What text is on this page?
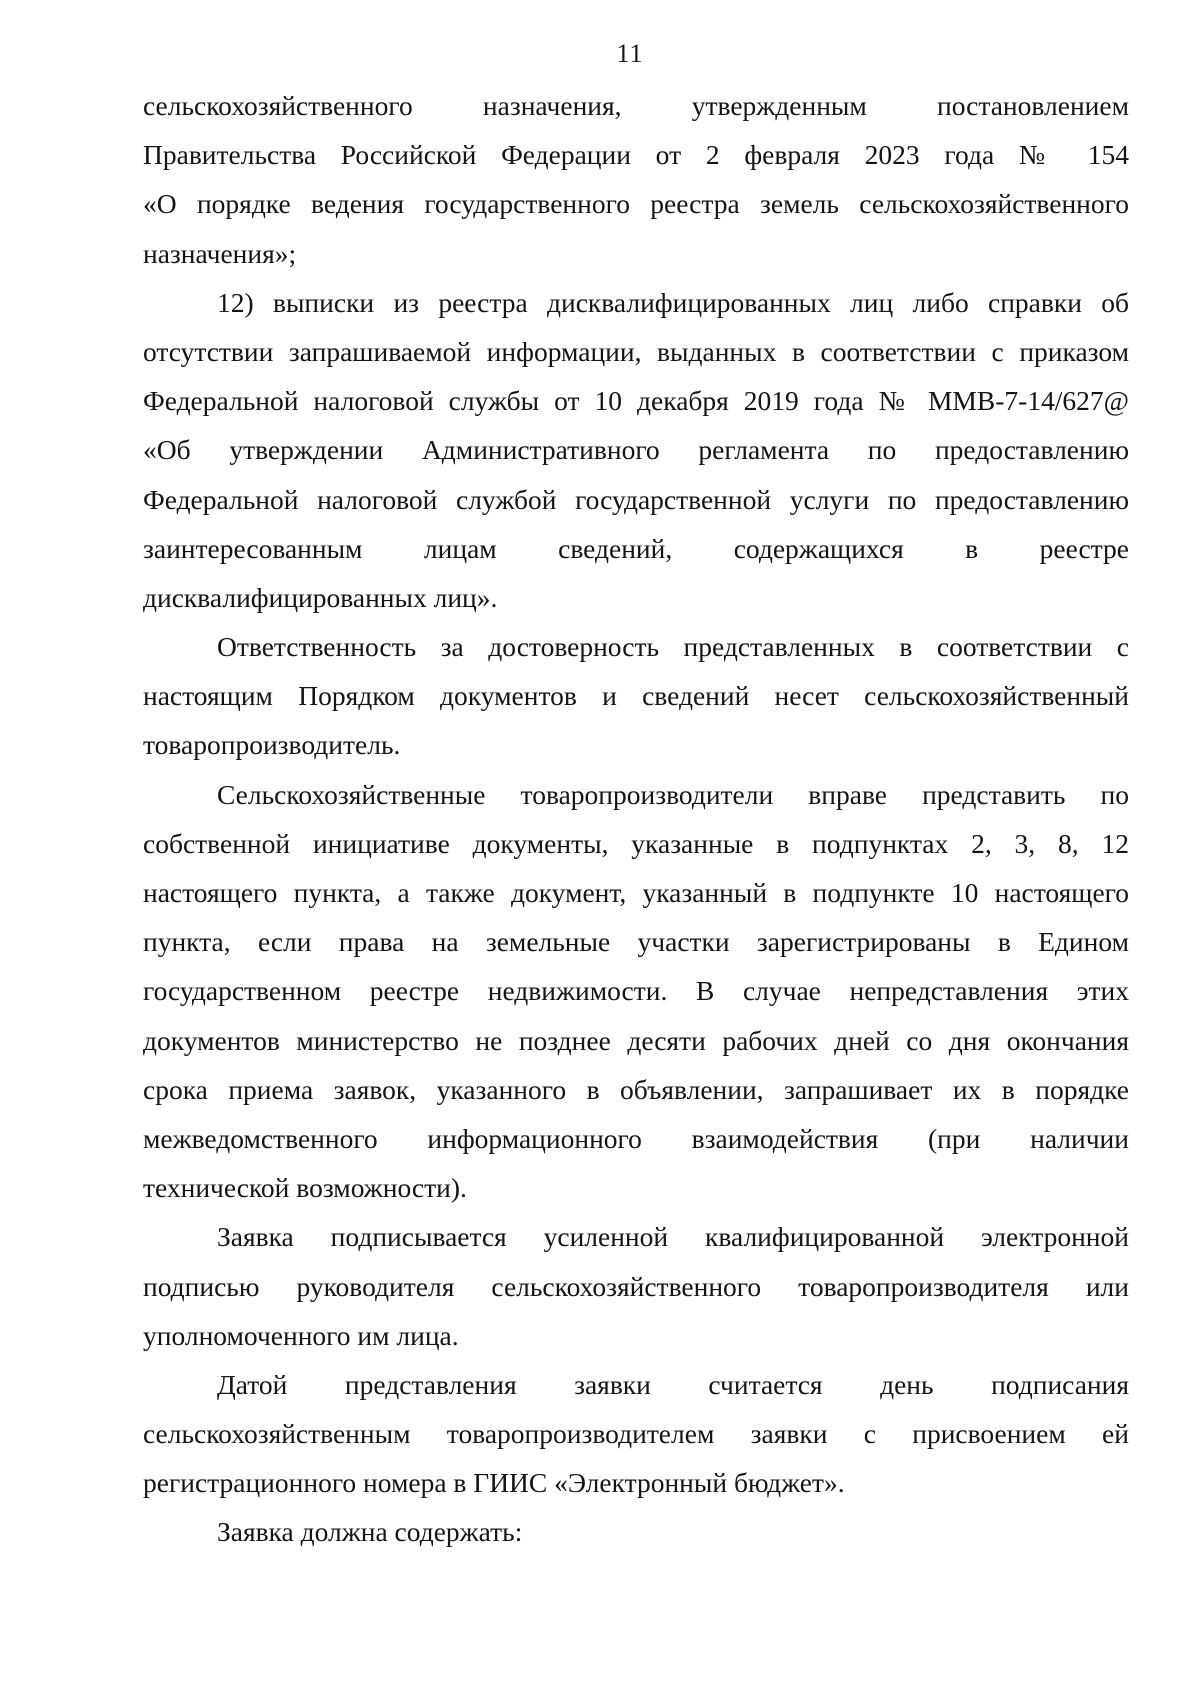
11
сельскохозяйственного назначения, утвержденным постановлением
Правительства Российской Федерации от 2 февраля 2023 года № 154
«О порядке ведения государственного реестра земель сельскохозяйственного
назначения»;
12) выписки из реестра дисквалифицированных лиц либо справки об
отсутствии запрашиваемой информации, выданных в соответствии с приказом
Федеральной налоговой службы от 10 декабря 2019 года № ММВ-7-14/627@
«Об утверждении Административного регламента по предоставлению
Федеральной налоговой службой государственной услуги по предоставлению
заинтересованным лицам сведений, содержащихся в реестре
дисквалифицированных лиц».
Ответственность за достоверность представленных в соответствии с
настоящим Порядком документов и сведений несет сельскохозяйственный
товаропроизводитель.
Сельскохозяйственные товаропроизводители вправе представить по
собственной инициативе документы, указанные в подпунктах 2, 3, 8, 12
настоящего пункта, а также документ, указанный в подпункте 10 настоящего
пункта, если права на земельные участки зарегистрированы в Едином
государственном реестре недвижимости. В случае непредставления этих
документов министерство не позднее десяти рабочих дней со дня окончания
срока приема заявок, указанного в объявлении, запрашивает их в порядке
межведомственного информационного взаимодействия (при наличии
технической возможности).
Заявка подписывается усиленной квалифицированной электронной
подписью руководителя сельскохозяйственного товаропроизводителя или
уполномоченного им лица.
Датой представления заявки считается день подписания
сельскохозяйственным товаропроизводителем заявки с присвоением ей
регистрационного номера в ГИИС «Электронный бюджет».
Заявка должна содержать:
